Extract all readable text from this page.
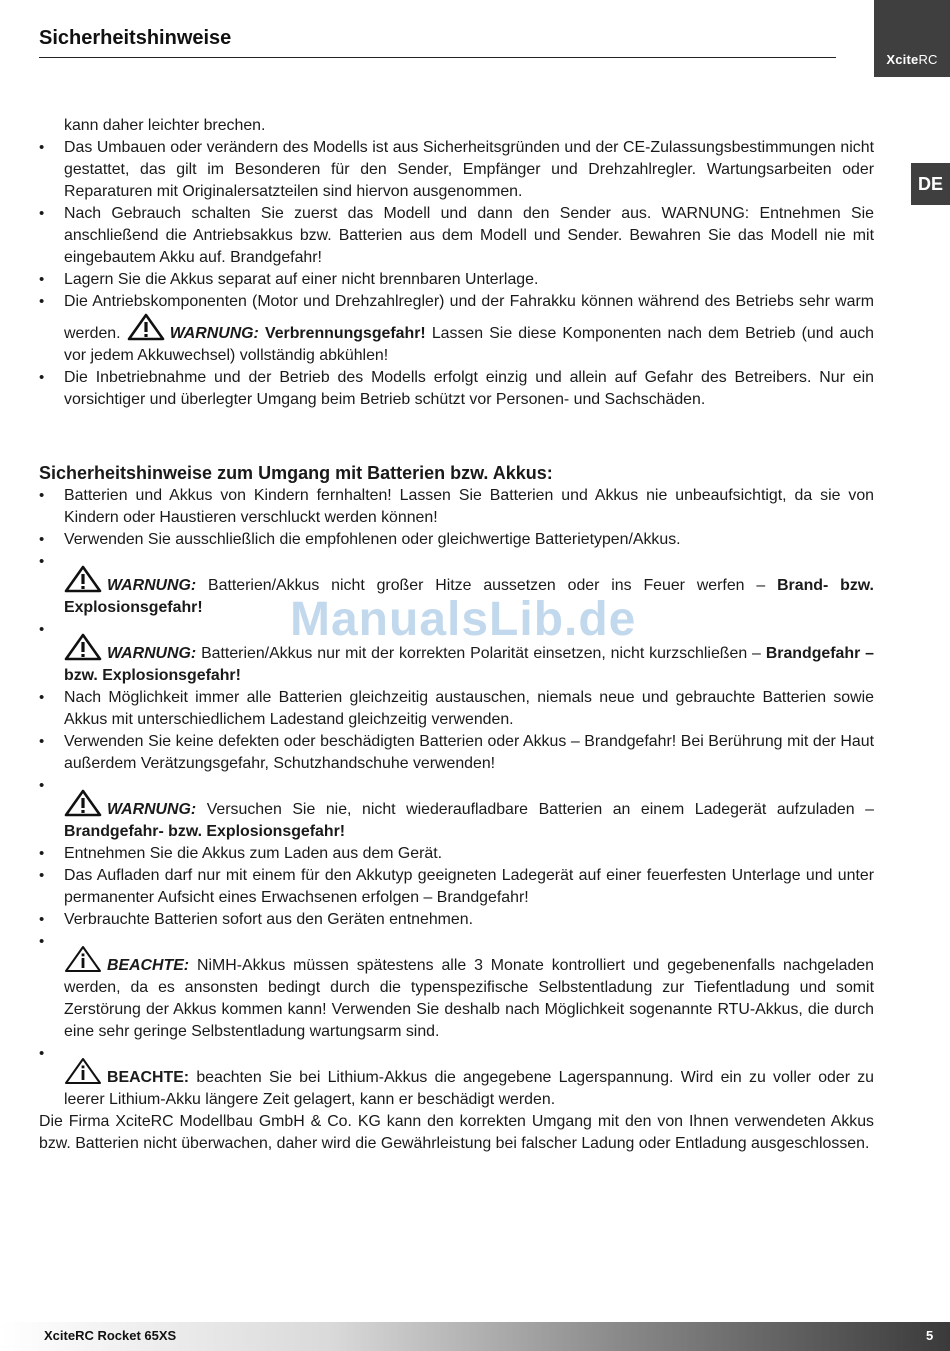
Sicherheitshinweise
XciteRC
DE

kann daher leichter brechen.

• Das Umbauen oder verändern des Modells ist aus Sicherheitsgründen und der CE-Zulassungsbestimmungen nicht gestattet, das gilt im Besonderen für den Sender, Empfänger und Drehzahlregler. Wartungsarbeiten oder Reparaturen mit Originalersatzteilen sind hiervon ausgenommen.
• Nach Gebrauch schalten Sie zuerst das Modell und dann den Sender aus. WARNUNG: Entnehmen Sie anschließend die Antriebsakkus bzw. Batterien aus dem Modell und Sender. Bewahren Sie das Modell nie mit eingebautem Akku auf. Brandgefahr!
• Lagern Sie die Akkus separat auf einer nicht brennbaren Unterlage.
• Die Antriebskomponenten (Motor und Drehzahlregler) und der Fahrakku können während des Betriebs sehr warm werden.	WARNUNG: Verbrennungsgefahr! Lassen Sie diese Komponenten nach dem Betrieb (und auch vor jedem Akkuwechsel) vollständig abkühlen!
• Die Inbetriebnahme und der Betrieb des Modells erfolgt einzig und allein auf Gefahr des Betreibers. Nur ein vorsichtiger und überlegter Umgang beim Betrieb schützt vor Personen- und Sachschäden.

Sicherheitshinweise zum Umgang mit Batterien bzw. Akkus:

• Batterien und Akkus von Kindern fernhalten! Lassen Sie Batterien und Akkus nie unbeaufsichtigt, da sie von Kindern oder Haustieren verschluckt werden können!
• Verwenden Sie ausschließlich die empfohlenen oder gleichwertige Batterietypen/Akkus.
• WARNUNG: Batterien/Akkus nicht großer Hitze aussetzen oder ins Feuer werfen – Brand- bzw. Explosionsgefahr!
• WARNUNG: Batterien/Akkus nur mit der korrekten Polarität einsetzen, nicht kurzschließen – Brandgefahr – bzw. Explosionsgefahr!
• Nach Möglichkeit immer alle Batterien gleichzeitig austauschen, niemals neue und gebrauchte Batterien sowie Akkus mit unterschiedlichem Ladestand gleichzeitig verwenden.
• Verwenden Sie keine defekten oder beschädigten Batterien oder Akkus – Brandgefahr! Bei Berührung mit der Haut außerdem Verätzungsgefahr, Schutzhandschuhe verwenden!
• WARNUNG: Versuchen Sie nie, nicht wiederaufladbare Batterien an einem Ladegerät aufzuladen – Brandgefahr- bzw. Explosionsgefahr!
• Entnehmen Sie die Akkus zum Laden aus dem Gerät.
• Das Aufladen darf nur mit einem für den Akkutyp geeigneten Ladegerät auf einer feuerfesten Unterlage und unter permanenter Aufsicht eines Erwachsenen erfolgen – Brandgefahr!
• Verbrauchte Batterien sofort aus den Geräten entnehmen.
• BEACHTE: NiMH-Akkus müssen spätestens alle 3 Monate kontrolliert und gegebenenfalls nachgeladen werden, da es ansonsten bedingt durch die typenspezifische Selbstentladung zur Tiefentladung und somit Zerstörung der Akkus kommen kann! Verwenden Sie deshalb nach Möglichkeit sogenannte RTU-Akkus, die durch eine sehr geringe Selbstentladung wartungsarm sind.
• BEACHTE: beachten Sie bei Lithium-Akkus die angegebene Lagerspannung. Wird ein zu voller oder zu leerer Lithium-Akku längere Zeit gelagert, kann er beschädigt werden.

Die Firma XciteRC Modellbau GmbH & Co. KG kann den korrekten Umgang mit den von Ihnen verwendeten Akkus bzw. Batterien nicht überwachen, daher wird die Gewährleistung bei falscher Ladung oder Entladung ausgeschlossen.

ManualsLib.de
XciteRC Rocket 65XS	5
